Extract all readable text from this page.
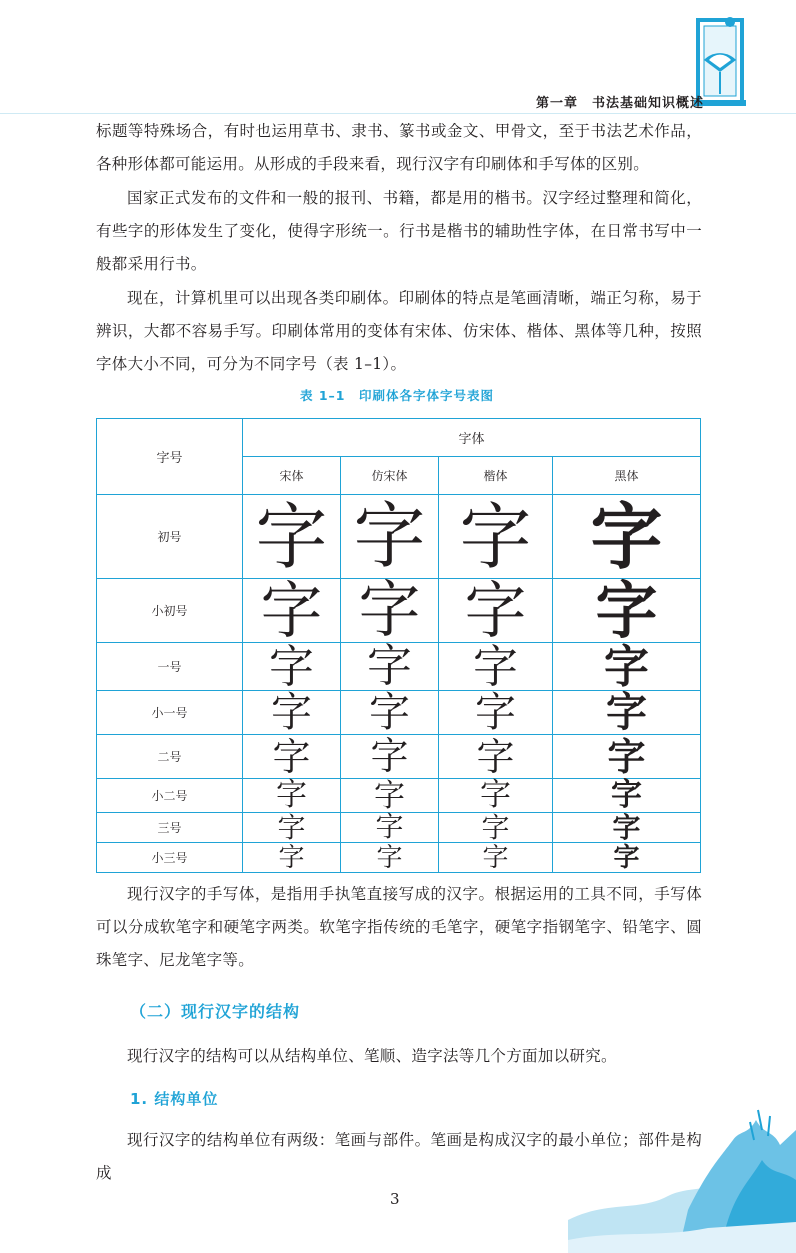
第一章　书法基础知识概述

标题等特殊场合，有时也运用草书、隶书、篆书或金文、甲骨文，至于书法艺术作品，各种形体都可能运用。从形成的手段来看，现行汉字有印刷体和手写体的区别。

国家正式发布的文件和一般的报刊、书籍，都是用的楷书。汉字经过整理和简化，有些字的形体发生了变化，使得字形统一。行书是楷书的辅助性字体，在日常书写中一般都采用行书。

现在，计算机里可以出现各类印刷体。印刷体的特点是笔画清晰，端正匀称，易于辨识，大都不容易手写。印刷体常用的变体有宋体、仿宋体、楷体、黑体等几种，按照字体大小不同，可分为不同字号（表 1–1）。

表 1–1　印刷体各字体字号表图

字号	字体			
	宋体	仿宋体	楷体	黑体
初号	字	字	字	字
小初号	字	字	字	字
一号	字	字	字	字
小一号	字	字	字	字
二号	字	字	字	字
小二号	字	字	字	字
三号	字	字	字	字
小三号	字	字	字	字

现行汉字的手写体，是指用手执笔直接写成的汉字。根据运用的工具不同，手写体可以分成软笔字和硬笔字两类。软笔字指传统的毛笔字，硬笔字指钢笔字、铅笔字、圆珠笔字、尼龙笔字等。

（二）现行汉字的结构

现行汉字的结构可以从结构单位、笔顺、造字法等几个方面加以研究。

1. 结构单位

现行汉字的结构单位有两级：笔画与部件。笔画是构成汉字的最小单位；部件是构成

3
